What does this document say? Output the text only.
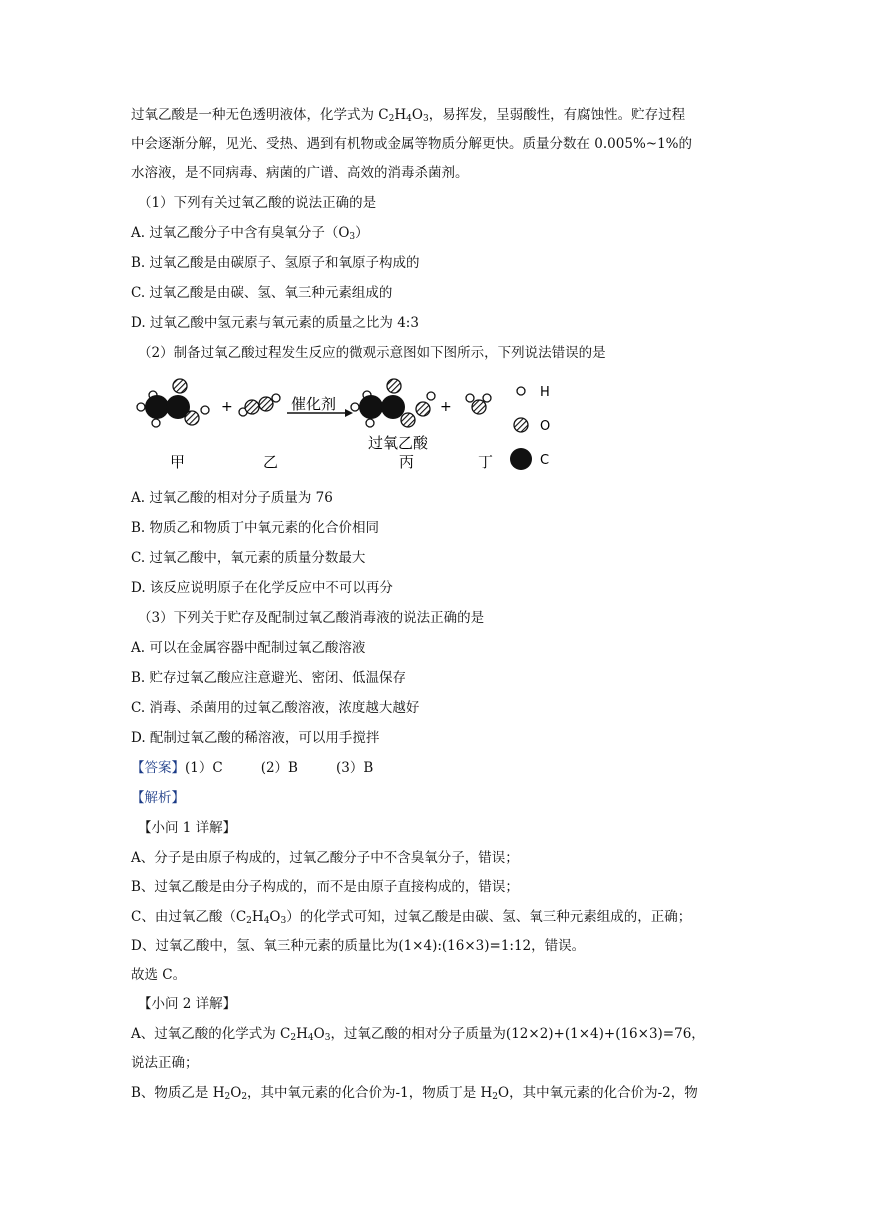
过氧乙酸是一种无色透明液体，化学式为 $C_2H_4O_3$，易挥发，呈弱酸性，有腐蚀性。贮存过程
中会逐渐分解，见光、受热、遇到有机物或金属等物质分解更快。质量分数在 0.005%~1%的
水溶液，是不同病毒、病菌的广谱、高效的消毒杀菌剂。
（1）下列有关过氧乙酸的说法正确的是
A. 过氧乙酸分子中含有臭氧分子$(O_3)$
B. 过氧乙酸是由碳原子、氢原子和氧原子构成的
C. 过氧乙酸是由碳、氢、氧三种元素组成的
D. 过氧乙酸中氢元素与氧元素的质量之比为 4:3
（2）制备过氧乙酸过程发生反应的微观示意图如下图所示，下列说法错误的是
+	催化剂
过氧乙酸
+
H
O
C
甲	乙	丙	丁
A. 过氧乙酸的相对分子质量为 76
B. 物质乙和物质丁中氧元素的化合价相同
C. 过氧乙酸中，氧元素的质量分数最大
D. 该反应说明原子在化学反应中不可以再分
（3）下列关于贮存及配制过氧乙酸消毒液的说法正确的是
A. 可以在金属容器中配制过氧乙酸溶液
B. 贮存过氧乙酸应注意避光、密闭、低温保存
C. 消毒、杀菌用的过氧乙酸溶液，浓度越大越好
D. 配制过氧乙酸的稀溶液，可以用手搅拌
【答案】(1）C	(2）B	(3）B
【解析】
【小问 1 详解】
A、分子是由原子构成的，过氧乙酸分子中不含臭氧分子，错误；
B、过氧乙酸是由分子构成的，而不是由原子直接构成的，错误；
C、由过氧乙酸$(C_2H_4O_3)$的化学式可知，过氧乙酸是由碳、氢、氧三种元素组成的，正确；
D、过氧乙酸中，氢、氧三种元素的质量比为(1×4):(16×3)=1:12，错误。
故选 C。
【小问 2 详解】
A、过氧乙酸的化学式为 $C_2H_4O_3$，过氧乙酸的相对分子质量为(12×2)+(1×4)+(16×3)=76，
说法正确；
B、物质乙是 $H_2O_2$，其中氧元素的化合价为-1，物质丁是 $H_2O$，其中氧元素的化合价为-2，物
